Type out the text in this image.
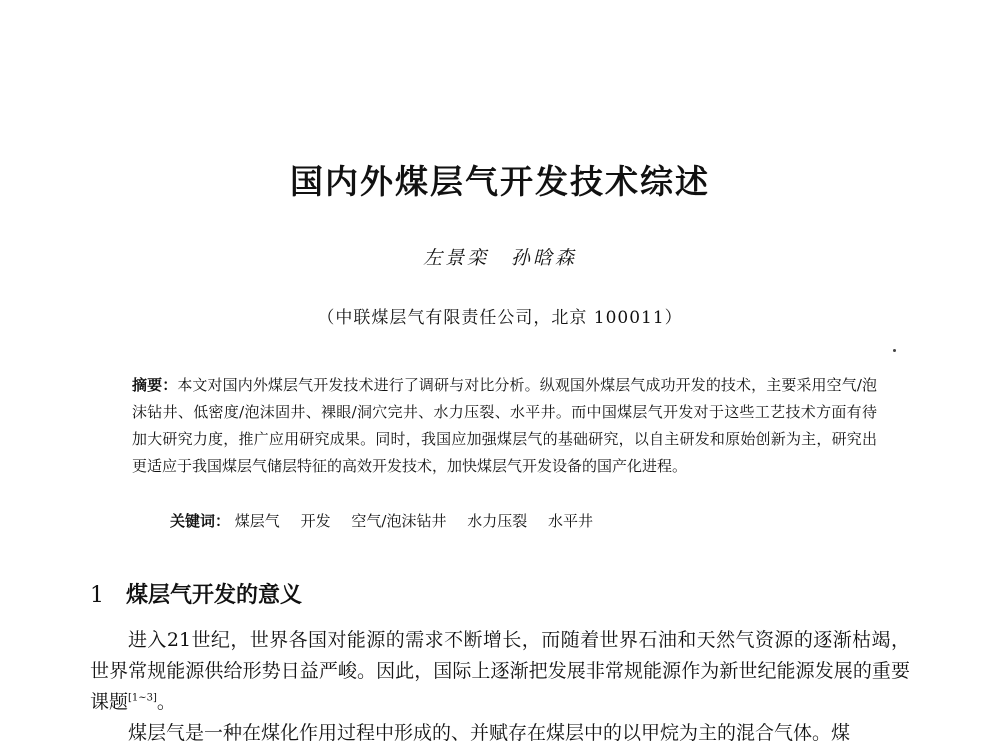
国内外煤层气开发技术综述
左景栾　孙晗森
（中联煤层气有限责任公司，北京 100011）
摘要：本文对国内外煤层气开发技术进行了调研与对比分析。纵观国外煤层气成功开发的技术，主要采用空气/泡沫钻井、低密度/泡沫固井、裸眼/洞穴完井、水力压裂、水平井。而中国煤层气开发对于这些工艺技术方面有待加大研究力度，推广应用研究成果。同时，我国应加强煤层气的基础研究，以自主研发和原始创新为主，研究出更适应于我国煤层气储层特征的高效开发技术，加快煤层气开发设备的国产化进程。
关键词： 煤层气 开发 空气/泡沫钻井 水力压裂 水平井
1 煤层气开发的意义

进入21世纪，世界各国对能源的需求不断增长，而随着世界石油和天然气资源的逐渐枯竭，世界常规能源供给形势日益严峻。因此，国际上逐渐把发展非常规能源作为新世纪能源发展的重要课题[1~3]。

煤层气是一种在煤化作用过程中形成的、并赋存在煤层中的以甲烷为主的混合气体。煤
